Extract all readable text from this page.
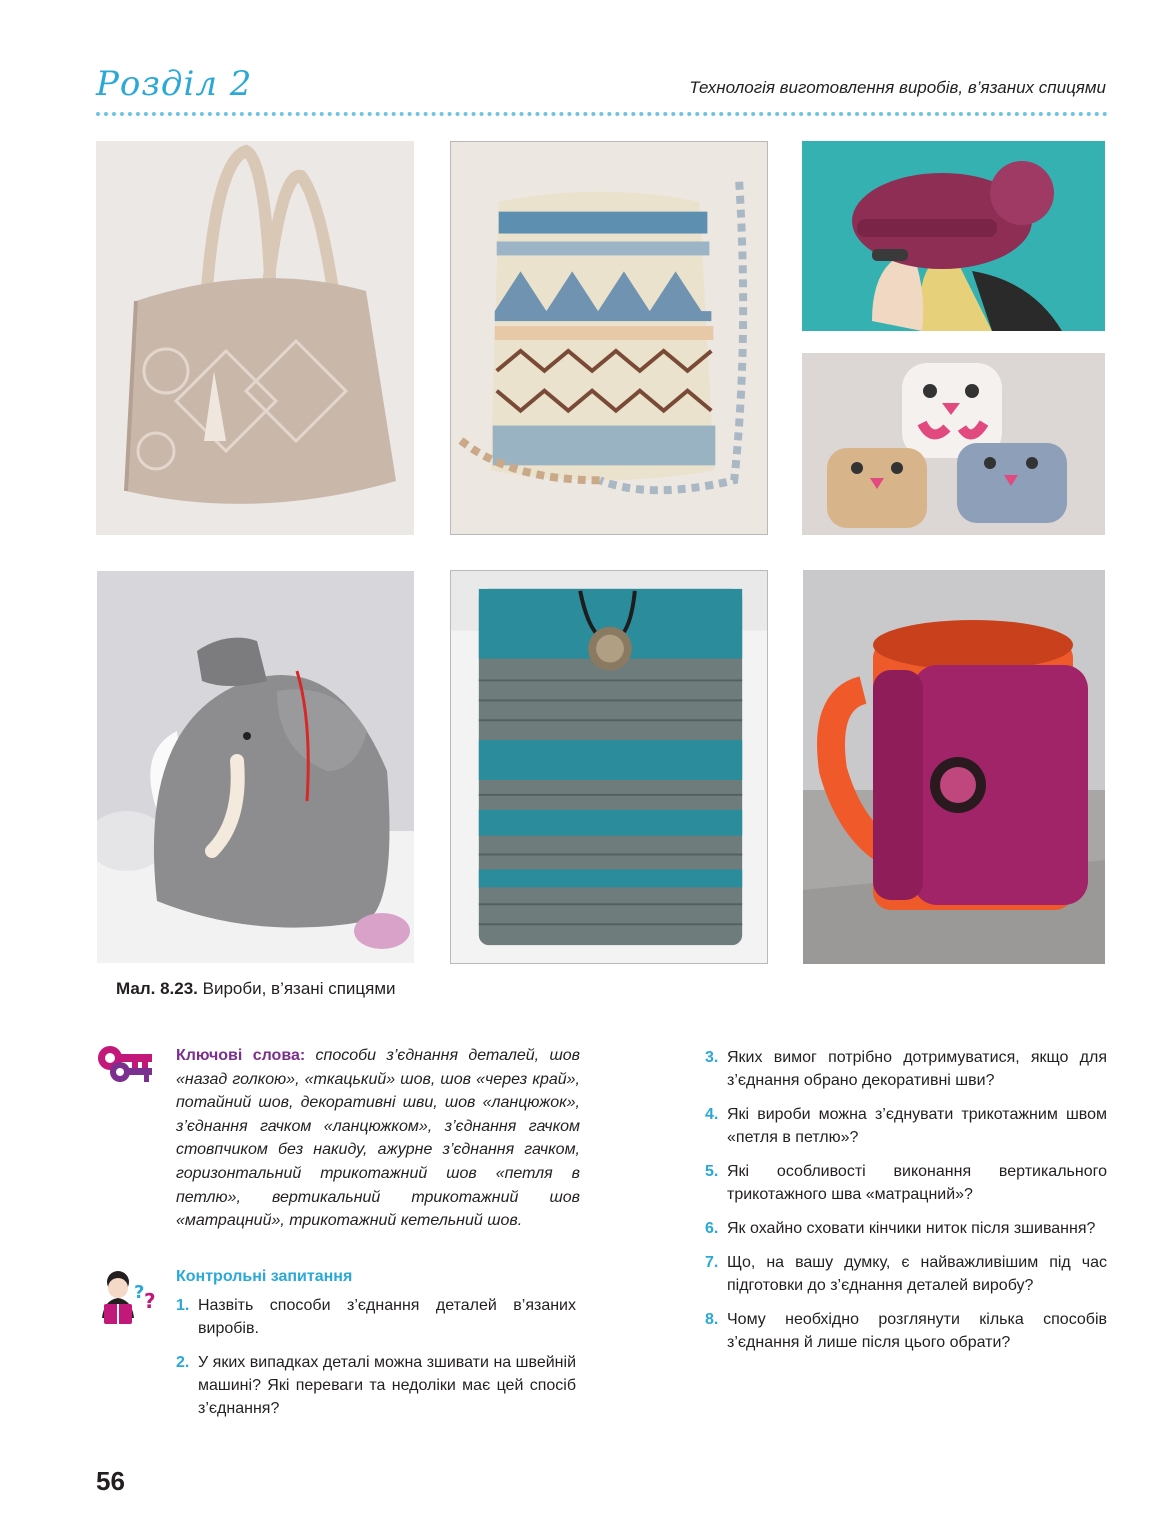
Розділ 2	Технологія виготовлення виробів, в’язаних спицями
Мал. 8.23. Вироби, в’язані спицями
Ключові слова: способи з’єднання деталей, шов «назад голкою», «ткацький» шов, шов «через край», потайний шов, декоративні шви, шов «ланцюжок», з’єднання гачком «ланцюжком», з’єднання гачком стовпчиком без накиду, ажурне з’єднання гачком, горизонтальний трикотажний шов «петля в петлю», вертикальний трикотажний шов «матрацний», трикотажний кетельний шов.
? ?
Контрольні запитання
1. Назвіть способи з’єднання деталей в’язаних виробів.
2. У яких випадках деталі можна зшивати на швейній машині? Які переваги та недоліки має цей спосіб з’єднання?
3. Яких вимог потрібно дотримуватися, якщо для з’єднання обрано декоративні шви?
4. Які вироби можна з’єднувати трикотажним швом «петля в петлю»?
5. Які особливості виконання вертикального трикотажного шва «матрацний»?
6. Як охайно сховати кінчики ниток після зшивання?
7. Що, на вашу думку, є найважливішим під час підготовки до з’єднання деталей виробу?
8. Чому необхідно розглянути кілька способів з’єднання й лише після цього обрати?
56
